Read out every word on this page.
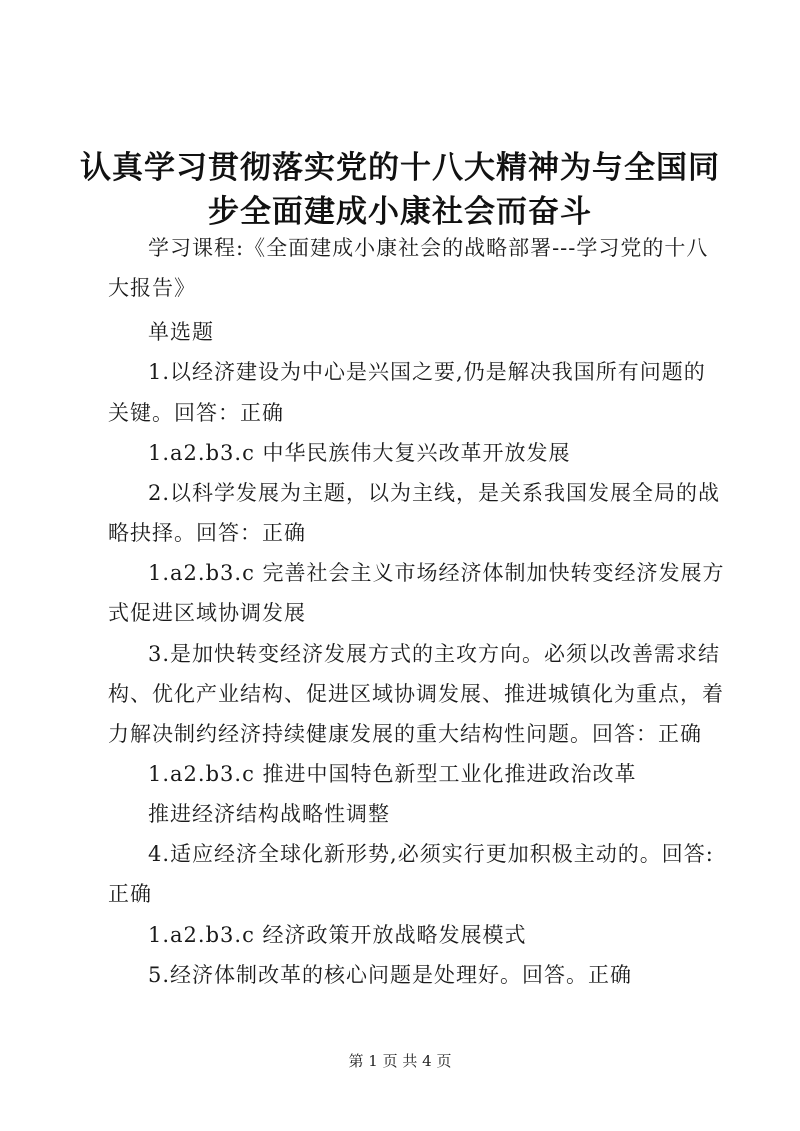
认真学习贯彻落实党的十八大精神为与全国同
步全面建成小康社会而奋斗
学习课程:《全面建成小康社会的战略部署---学习党的十八
大报告》
单选题
1.以经济建设为中心是兴国之要,仍是解决我国所有问题的
关键。回答：正确
1.a2.b3.c 中华民族伟大复兴改革开放发展
2.以科学发展为主题，以为主线，是关系我国发展全局的战
略抉择。回答：正确
1.a2.b3.c 完善社会主义市场经济体制加快转变经济发展方
式促进区域协调发展
3.是加快转变经济发展方式的主攻方向。必须以改善需求结
构、优化产业结构、促进区域协调发展、推进城镇化为重点，着
力解决制约经济持续健康发展的重大结构性问题。回答：正确
1.a2.b3.c 推进中国特色新型工业化推进政治改革
推进经济结构战略性调整
4.适应经济全球化新形势,必须实行更加积极主动的。回答:
正确
1.a2.b3.c 经济政策开放战略发展模式
5.经济体制改革的核心问题是处理好。回答。正确
第 1 页 共 4 页
